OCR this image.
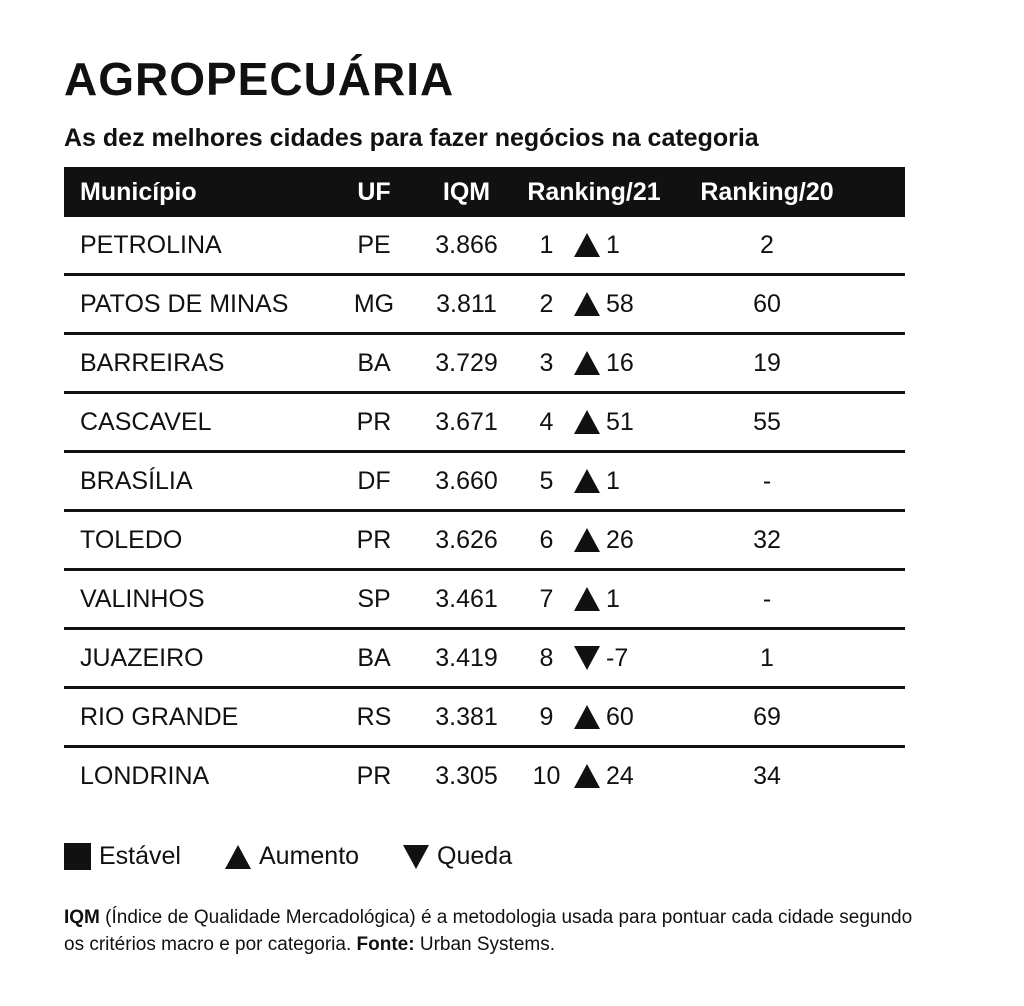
AGROPECUÁRIA
As dez melhores cidades para fazer negócios na categoria
Município	UF	IQM	Ranking/21	Ranking/20
PETROLINA	PE	3.866	1	1	2
PATOS DE MINAS	MG	3.811	2	58	60
BARREIRAS	BA	3.729	3	16	19
CASCAVEL	PR	3.671	4	51	55
BRASÍLIA	DF	3.660	5	1	-
TOLEDO	PR	3.626	6	26	32
VALINHOS	SP	3.461	7	1	-
JUAZEIRO	BA	3.419	8	-7	1
RIO GRANDE	RS	3.381	9	60	69
LONDRINA	PR	3.305	10	24	34
Estável	Aumento	Queda
IQM (Índice de Qualidade Mercadológica) é a metodologia usada para pontuar cada cidade segundo os critérios macro e por categoria. Fonte: Urban Systems.
